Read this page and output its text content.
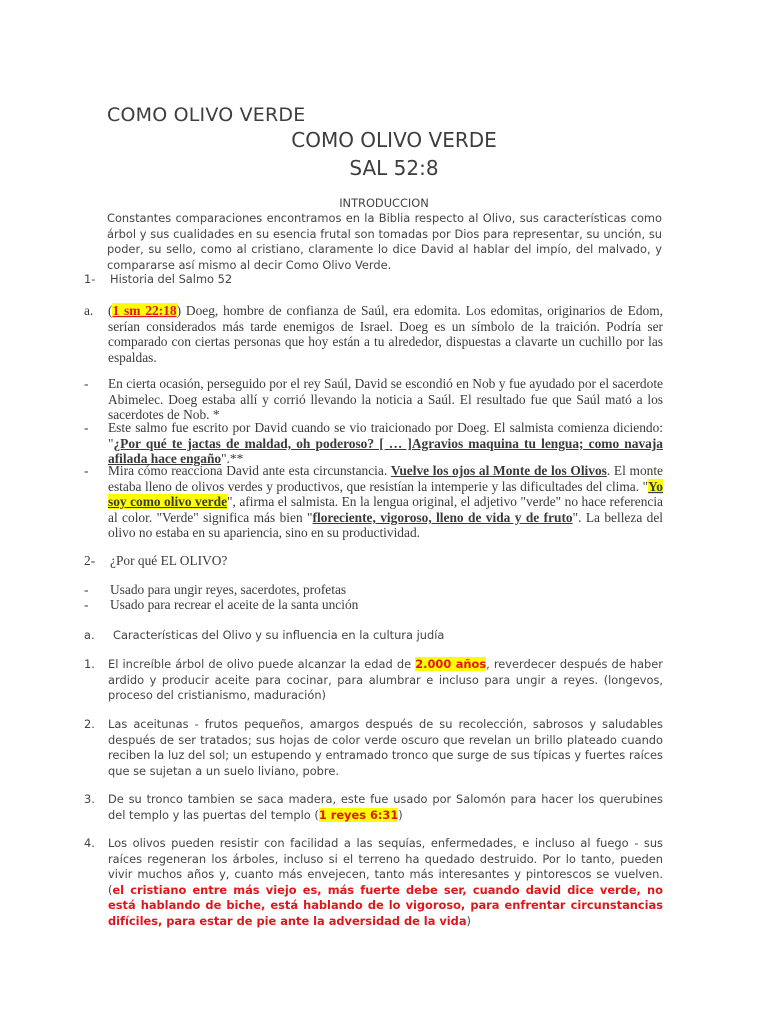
COMO OLIVO VERDE
COMO OLIVO VERDE
SAL 52:8
INTRODUCCION
Constantes comparaciones encontramos en la Biblia respecto al Olivo, sus características como árbol y sus cualidades en su esencia frutal son tomadas por Dios para representar, su unción, su poder, su sello, como al cristiano, claramente lo dice David al hablar del impío, del malvado, y compararse así mismo al decir Como Olivo Verde.
1- Historia del Salmo 52
a. (1 sm 22:18) Doeg, hombre de confianza de Saúl, era edomita. Los edomitas, originarios de Edom, serían considerados más tarde enemigos de Israel. Doeg es un símbolo de la traición. Podría ser comparado con ciertas personas que hoy están a tu alrededor, dispuestas a clavarte un cuchillo por las espaldas.
- En cierta ocasión, perseguido por el rey Saúl, David se escondió en Nob y fue ayudado por el sacerdote Abimelec. Doeg estaba allí y corrió llevando la noticia a Saúl. El resultado fue que Saúl mató a los sacerdotes de Nob. *
- Este salmo fue escrito por David cuando se vio traicionado por Doeg. El salmista comienza diciendo: "¿Por qué te jactas de maldad, oh poderoso? [ … ]Agravios maquina tu lengua; como navaja afilada hace engaño".**
- Mira cómo reacciona David ante esta circunstancia. Vuelve los ojos al Monte de los Olivos. El monte estaba lleno de olivos verdes y productivos, que resistían la intemperie y las dificultades del clima. "Yo soy como olivo verde", afirma el salmista. En la lengua original, el adjetivo "verde" no hace referencia al color. "Verde" significa más bien "floreciente, vigoroso, lleno de vida y de fruto". La belleza del olivo no estaba en su apariencia, sino en su productividad.
2- ¿Por qué EL OLIVO?
- Usado para ungir reyes, sacerdotes, profetas
- Usado para recrear el aceite de la santa unción
a. Características del Olivo y su influencia en la cultura judía
1. El increíble árbol de olivo puede alcanzar la edad de 2.000 años, reverdecer después de haber ardido y producir aceite para cocinar, para alumbrar e incluso para ungir a reyes. (longevos, proceso del cristianismo, maduración)
2. Las aceitunas - frutos pequeños, amargos después de su recolección, sabrosos y saludables después de ser tratados; sus hojas de color verde oscuro que revelan un brillo plateado cuando reciben la luz del sol; un estupendo y entramado tronco que surge de sus típicas y fuertes raíces que se sujetan a un suelo liviano, pobre.
3. De su tronco tambien se saca madera, este fue usado por Salomón para hacer los querubines del templo y las puertas del templo (1 reyes 6:31)
4. Los olivos pueden resistir con facilidad a las sequías, enfermedades, e incluso al fuego - sus raíces regeneran los árboles, incluso si el terreno ha quedado destruido. Por lo tanto, pueden vivir muchos años y, cuanto más envejecen, tanto más interesantes y pintorescos se vuelven. (el cristiano entre más viejo es, más fuerte debe ser, cuando david dice verde, no está hablando de biche, está hablando de lo vigoroso, para enfrentar circunstancias difíciles, para estar de pie ante la adversidad de la vida)
